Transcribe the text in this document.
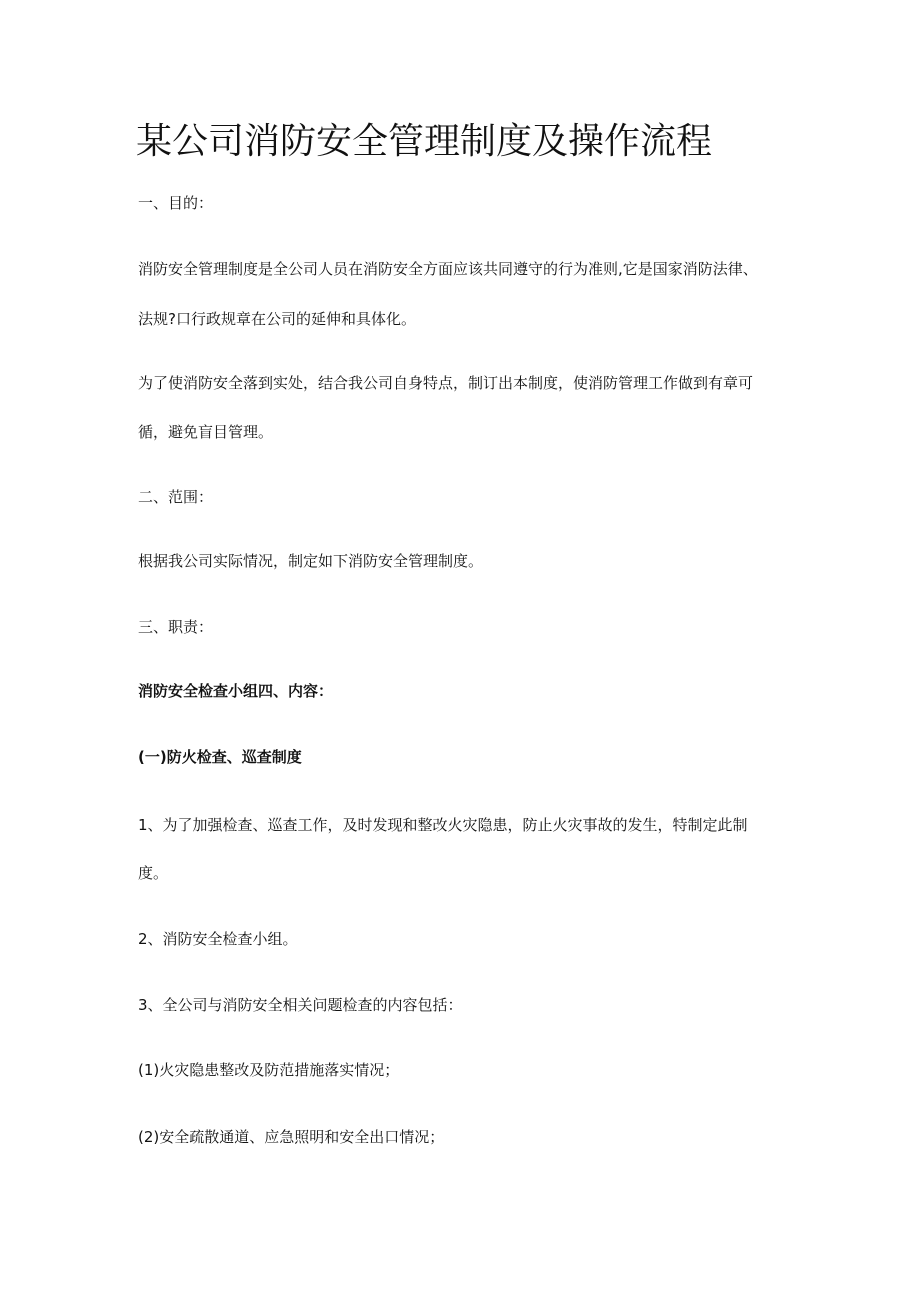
某公司消防安全管理制度及操作流程

一、目的：

消防安全管理制度是全公司人员在消防安全方面应该共同遵守的行为准则,它是国家消防法律、

法规?口行政规章在公司的延伸和具体化。

为了使消防安全落到实处，结合我公司自身特点，制订出本制度，使消防管理工作做到有章可

循，避免盲目管理。

二、范围：

根据我公司实际情况，制定如下消防安全管理制度。

三、职责：

消防安全检查小组四、内容：

(一)防火检查、巡查制度

1、为了加强检查、巡查工作，及时发现和整改火灾隐患，防止火灾事故的发生，特制定此制

度。

2、消防安全检查小组。

3、全公司与消防安全相关问题检查的内容包括：

(1)火灾隐患整改及防范措施落实情况；

(2)安全疏散通道、应急照明和安全出口情况；
